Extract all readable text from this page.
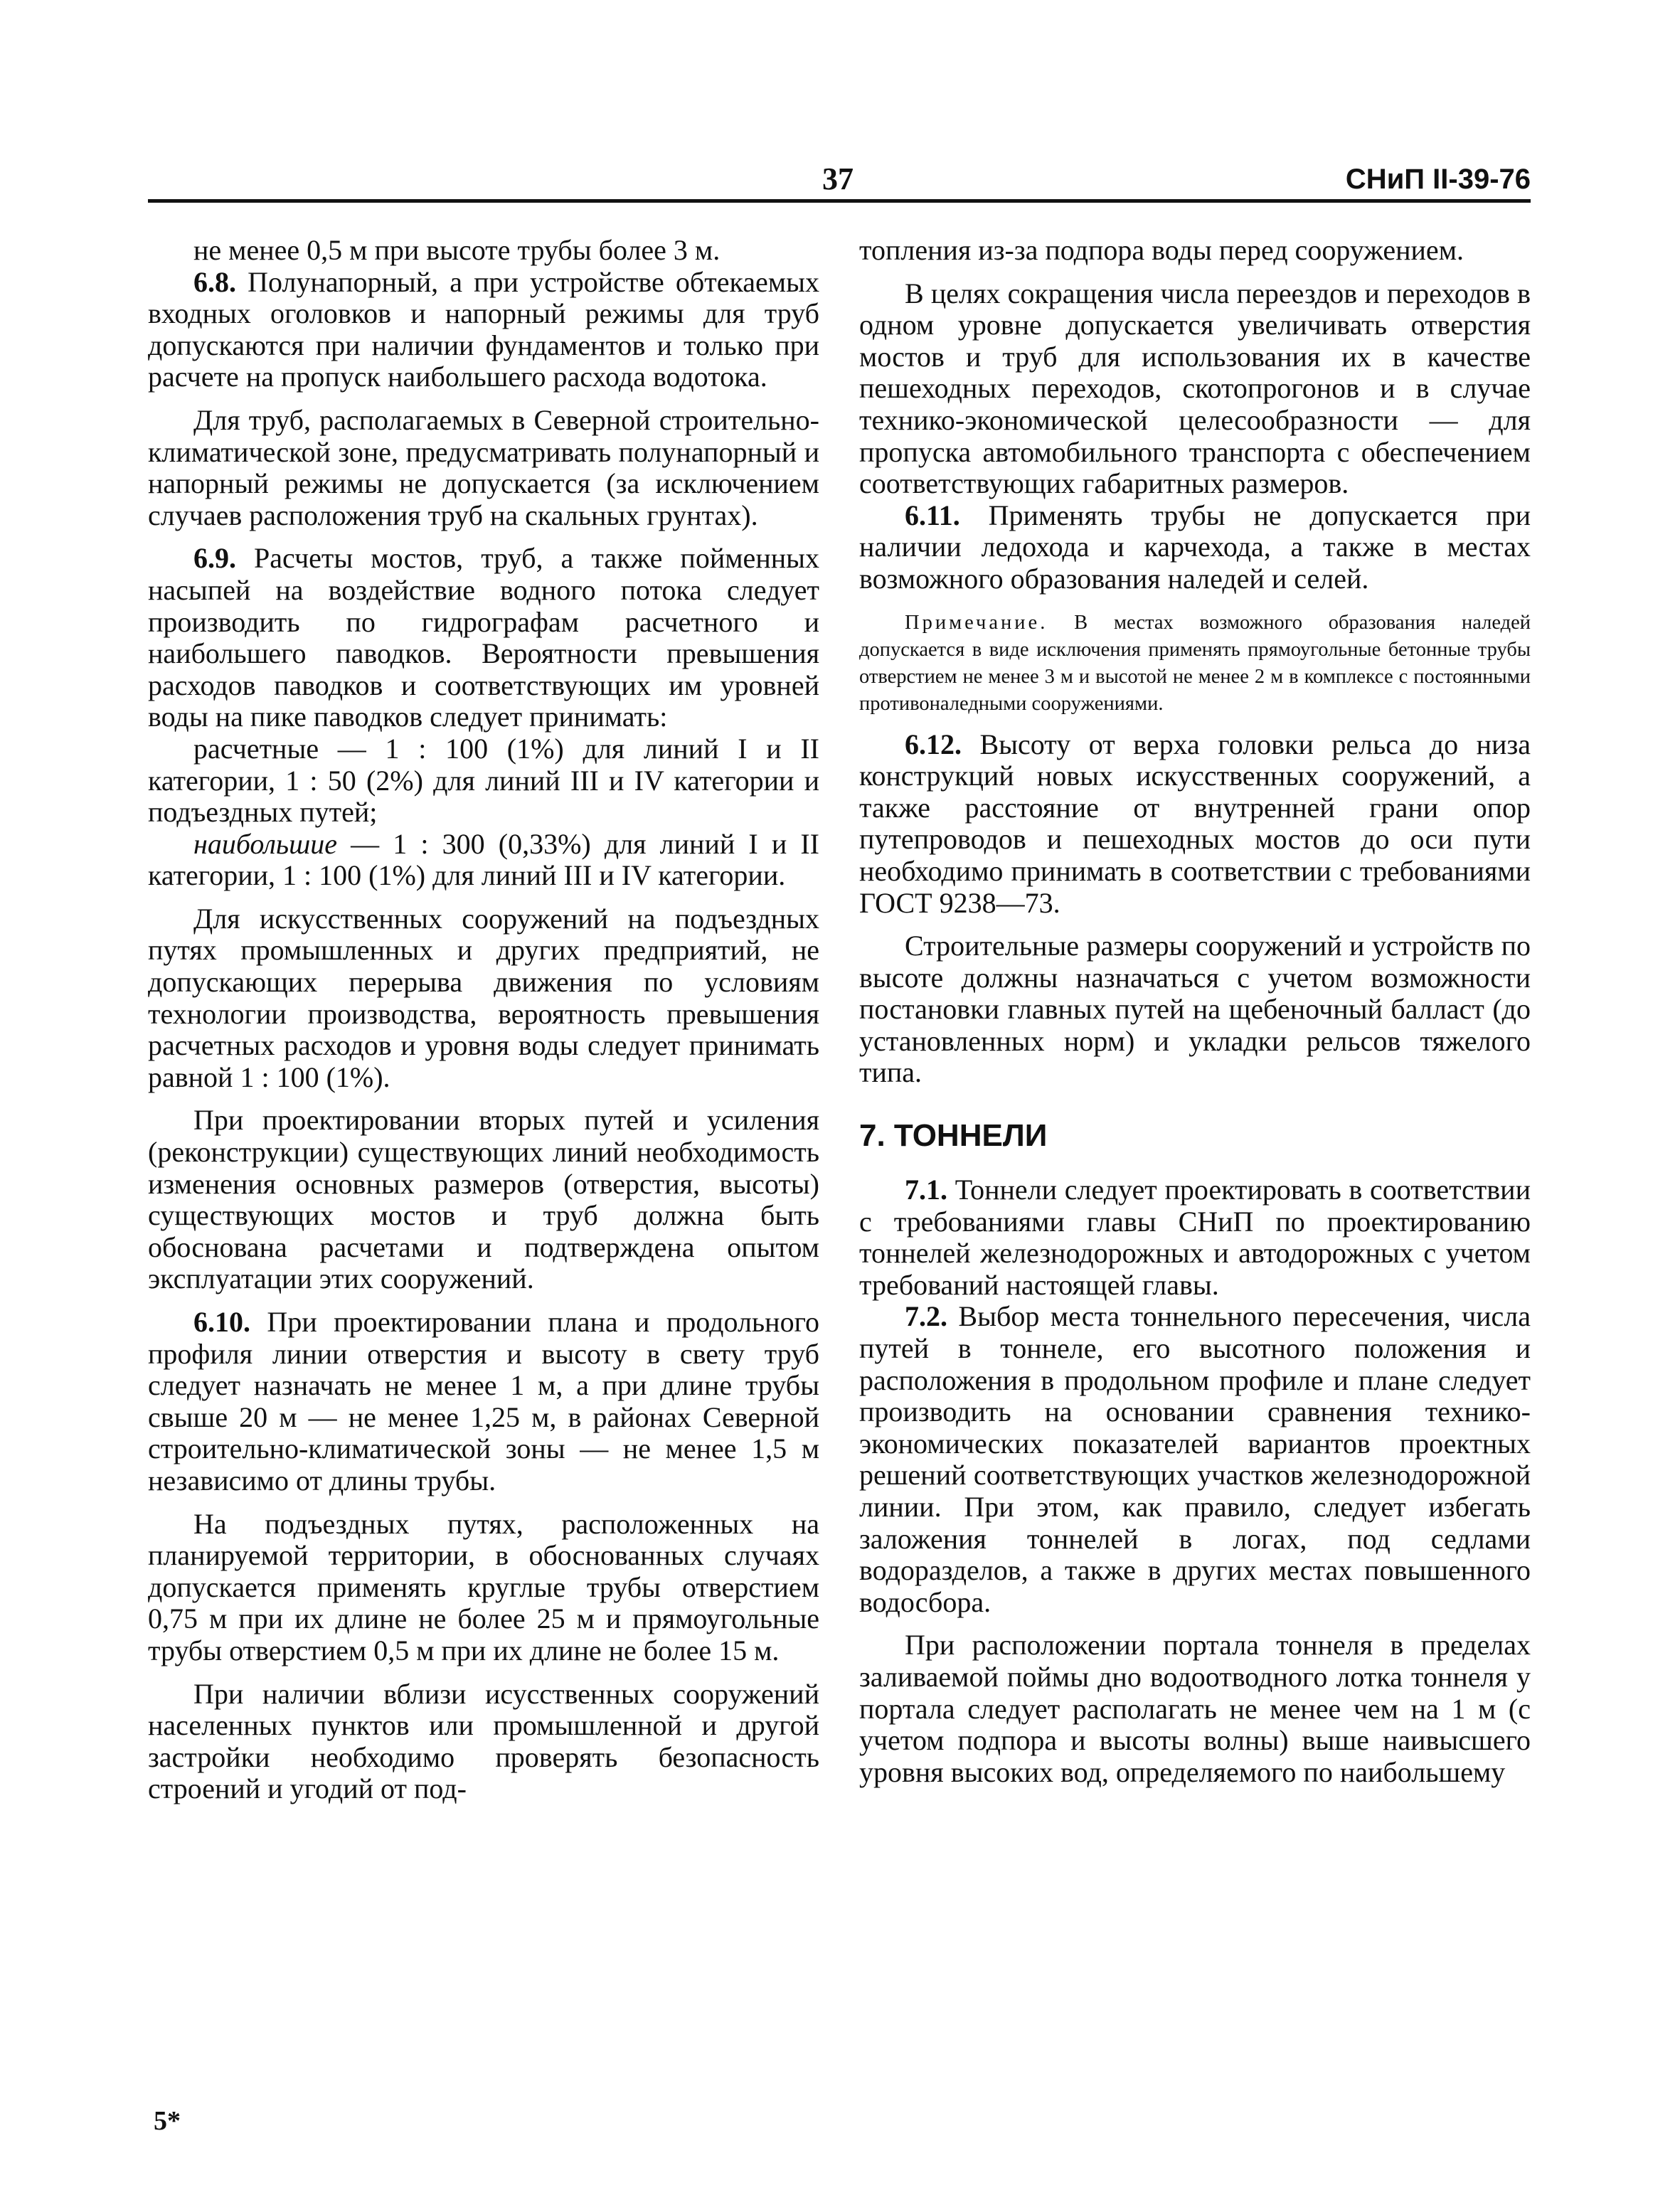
37	СНиП II-39-76

не менее 0,5 м при высоте трубы более 3 м.

6.8. Полунапорный, а при устройстве обтекаемых входных оголовков и напорный режимы для труб допускаются при наличии фундаментов и только при расчете на пропуск наибольшего расхода водотока.

Для труб, располагаемых в Северной строительно-климатической зоне, предусматривать полунапорный и напорный режимы не допускается (за исключением случаев расположения труб на скальных грунтах).

6.9. Расчеты мостов, труб, а также пойменных насыпей на воздействие водного потока следует производить по гидрографам расчетного и наибольшего паводков. Вероятности превышения расходов паводков и соответствующих им уровней воды на пике паводков следует принимать:

расчетные — 1 : 100 (1%) для линий I и II категории, 1 : 50 (2%) для линий III и IV категории и подъездных путей;

наибольшие — 1 : 300 (0,33%) для линий I и II категории, 1 : 100 (1%) для линий III и IV категории.

Для искусственных сооружений на подъездных путях промышленных и других предприятий, не допускающих перерыва движения по условиям технологии производства, вероятность превышения расчетных расходов и уровня воды следует принимать равной 1 : 100 (1%).

При проектировании вторых путей и усиления (реконструкции) существующих линий необходимость изменения основных размеров (отверстия, высоты) существующих мостов и труб должна быть обоснована расчетами и подтверждена опытом эксплуатации этих сооружений.

6.10. При проектировании плана и продольного профиля линии отверстия и высоту в свету труб следует назначать не менее 1 м, а при длине трубы свыше 20 м — не менее 1,25 м, в районах Северной строительно-климатической зоны — не менее 1,5 м независимо от длины трубы.

На подъездных путях, расположенных на планируемой территории, в обоснованных случаях допускается применять круглые трубы отверстием 0,75 м при их длине не более 25 м и прямоугольные трубы отверстием 0,5 м при их длине не более 15 м.

При наличии вблизи исусственных сооружений населенных пунктов или промышленной и другой застройки необходимо проверять безопасность строений и угодий от под-

топления из-за подпора воды перед сооружением.

В целях сокращения числа переездов и переходов в одном уровне допускается увеличивать отверстия мостов и труб для использования их в качестве пешеходных переходов, скотопрогонов и в случае технико-экономической целесообразности — для пропуска автомобильного транспорта с обеспечением соответствующих габаритных размеров.

6.11. Применять трубы не допускается при наличии ледохода и карчехода, а также в местах возможного образования наледей и селей.

Примечание. В местах возможного образования наледей допускается в виде исключения применять прямоугольные бетонные трубы отверстием не менее 3 м и высотой не менее 2 м в комплексе с постоянными противоналедными сооружениями.

6.12. Высоту от верха головки рельса до низа конструкций новых искусственных сооружений, а также расстояние от внутренней грани опор путепроводов и пешеходных мостов до оси пути необходимо принимать в соответствии с требованиями ГОСТ 9238—73.

Строительные размеры сооружений и устройств по высоте должны назначаться с учетом возможности постановки главных путей на щебеночный балласт (до установленных норм) и укладки рельсов тяжелого типа.

7. ТОННЕЛИ

7.1. Тоннели следует проектировать в соответствии с требованиями главы СНиП по проектированию тоннелей железнодорожных и автодорожных с учетом требований настоящей главы.

7.2. Выбор места тоннельного пересечения, числа путей в тоннеле, его высотного положения и расположения в продольном профиле и плане следует производить на основании сравнения технико-экономических показателей вариантов проектных решений соответствующих участков железнодорожной линии. При этом, как правило, следует избегать заложения тоннелей в логах, под седлами водоразделов, а также в других местах повышенного водосбора.

При расположении портала тоннеля в пределах заливаемой поймы дно водоотводного лотка тоннеля у портала следует располагать не менее чем на 1 м (с учетом подпора и высоты волны) выше наивысшего уровня высоких вод, определяемого по наибольшему

5*
